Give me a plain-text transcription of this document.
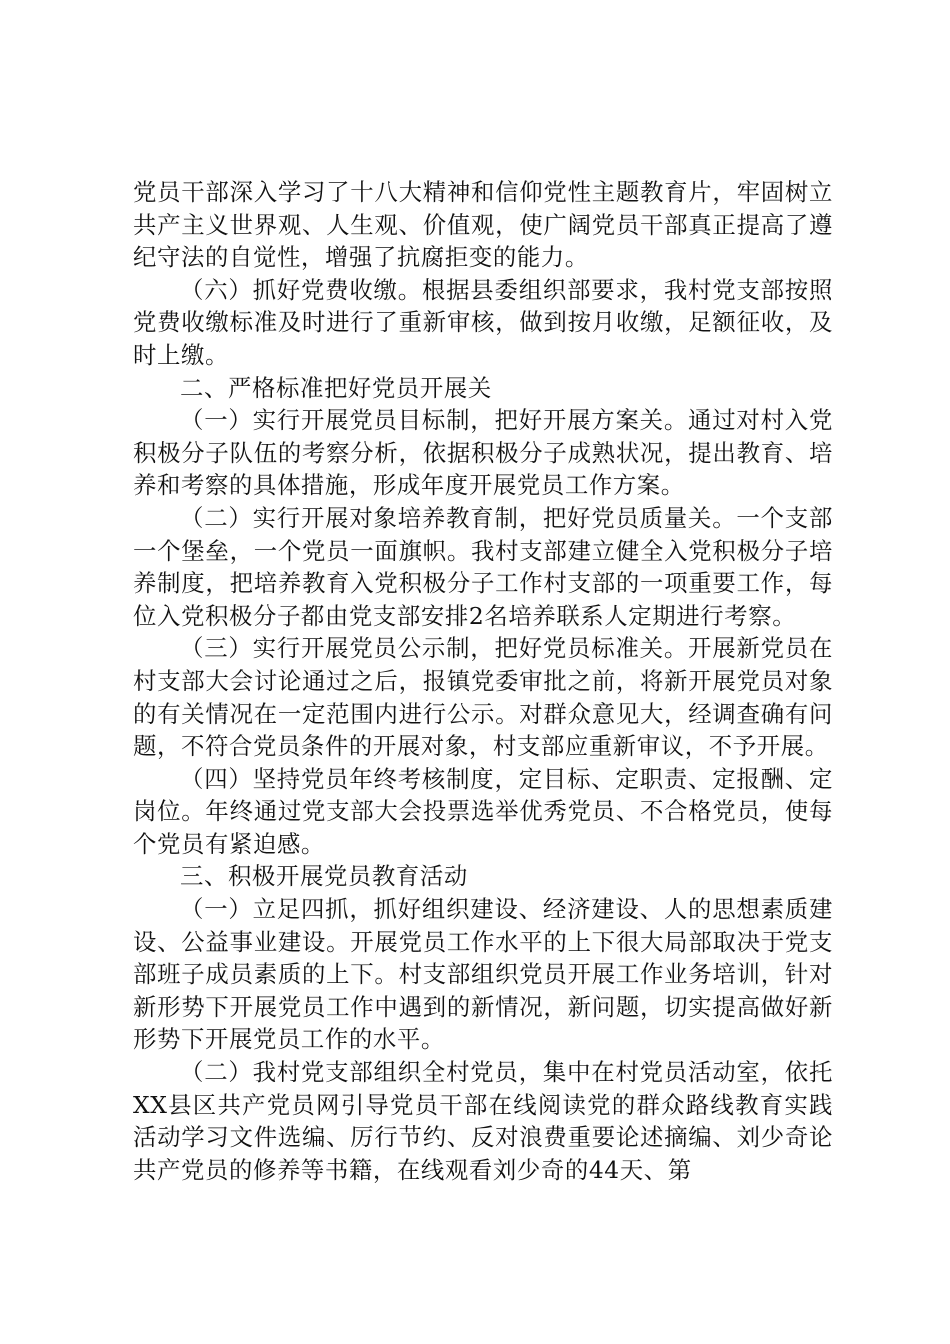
党员干部深入学习了十八大精神和信仰党性主题教育片，牢固树立共产主义世界观、人生观、价值观，使广阔党员干部真正提高了遵纪守法的自觉性，增强了抗腐拒变的能力。

（六）抓好党费收缴。根据县委组织部要求，我村党支部按照党费收缴标准及时进行了重新审核，做到按月收缴，足额征收，及时上缴。

二、严格标准把好党员开展关

（一）实行开展党员目标制，把好开展方案关。通过对村入党积极分子队伍的考察分析，依据积极分子成熟状况，提出教育、培养和考察的具体措施，形成年度开展党员工作方案。

（二）实行开展对象培养教育制，把好党员质量关。一个支部一个堡垒，一个党员一面旗帜。我村支部建立健全入党积极分子培养制度，把培养教育入党积极分子工作村支部的一项重要工作，每位入党积极分子都由党支部安排2名培养联系人定期进行考察。

（三）实行开展党员公示制，把好党员标准关。开展新党员在村支部大会讨论通过之后，报镇党委审批之前，将新开展党员对象的有关情况在一定范围内进行公示。对群众意见大，经调查确有问题，不符合党员条件的开展对象，村支部应重新审议，不予开展。

（四）坚持党员年终考核制度，定目标、定职责、定报酬、定岗位。年终通过党支部大会投票选举优秀党员、不合格党员，使每个党员有紧迫感。

三、积极开展党员教育活动

（一）立足四抓，抓好组织建设、经济建设、人的思想素质建设、公益事业建设。开展党员工作水平的上下很大局部取决于党支部班子成员素质的上下。村支部组织党员开展工作业务培训，针对新形势下开展党员工作中遇到的新情况，新问题，切实提高做好新形势下开展党员工作的水平。

（二）我村党支部组织全村党员，集中在村党员活动室，依托XX县区共产党员网引导党员干部在线阅读党的群众路线教育实践活动学习文件选编、厉行节约、反对浪费重要论述摘编、刘少奇论共产党员的修养等书籍，在线观看刘少奇的44天、第
